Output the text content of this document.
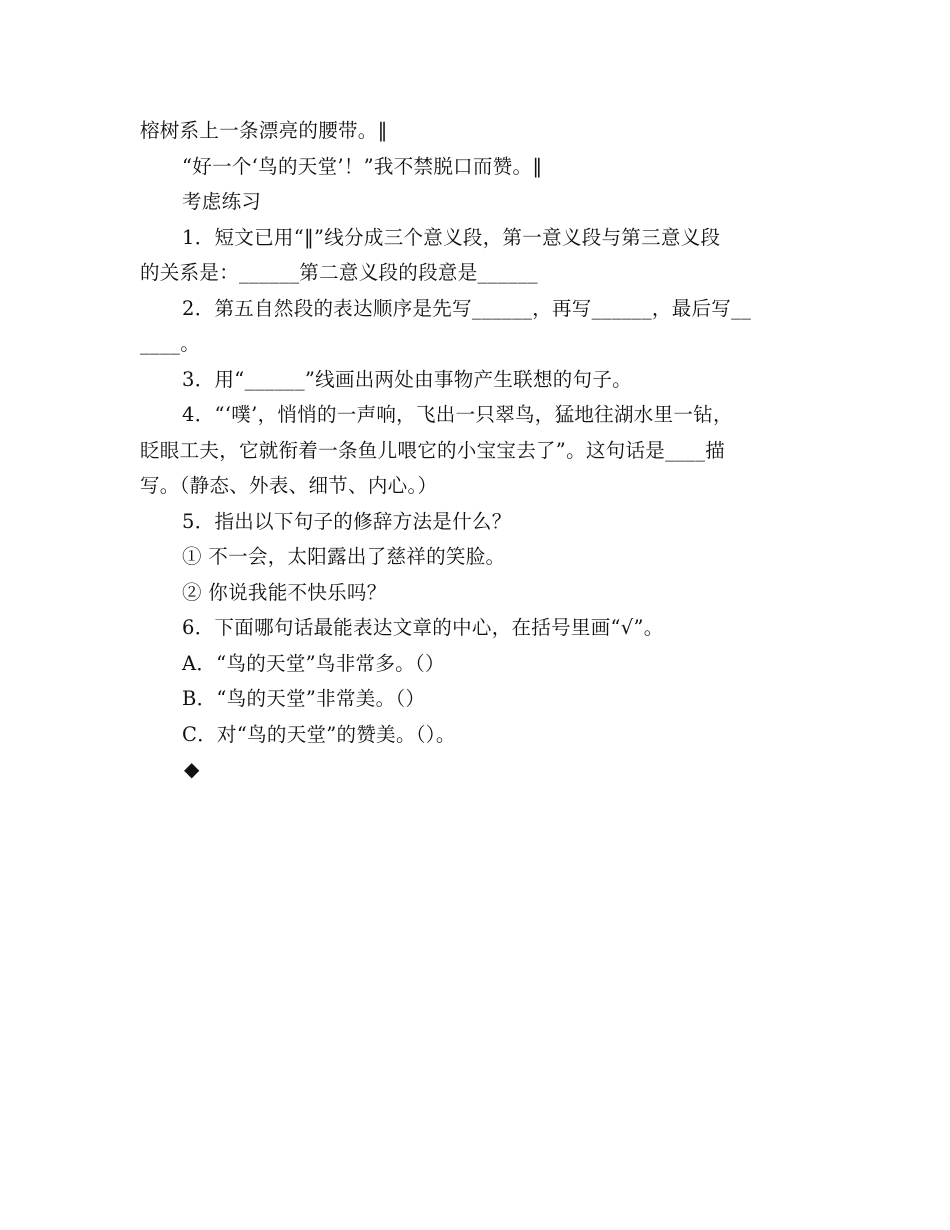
榕树系上一条漂亮的腰带。‖
“好一个‘鸟的天堂’！”我不禁脱口而赞。‖
考虑练习
1．短文已用“‖”线分成三个意义段，第一意义段与第三意义段
的关系是：______第二意义段的段意是______
2．第五自然段的表达顺序是先写______，再写______，最后写__
____。
3．用“______”线画出两处由事物产生联想的句子。
4．“‘噗’，悄悄的一声响，飞出一只翠鸟，猛地往湖水里一钻，
眨眼工夫，它就衔着一条鱼儿喂它的小宝宝去了”。这句话是____描
写。（静态、外表、细节、内心。）
5．指出以下句子的修辞方法是什么？
① 不一会，太阳露出了慈祥的笑脸。
② 你说我能不快乐吗？
6．下面哪句话最能表达文章的中心，在括号里画“√”。
A．“鸟的天堂”鸟非常多。（）
B．“鸟的天堂”非常美。（）
C．对“鸟的天堂”的赞美。（）。
◆
